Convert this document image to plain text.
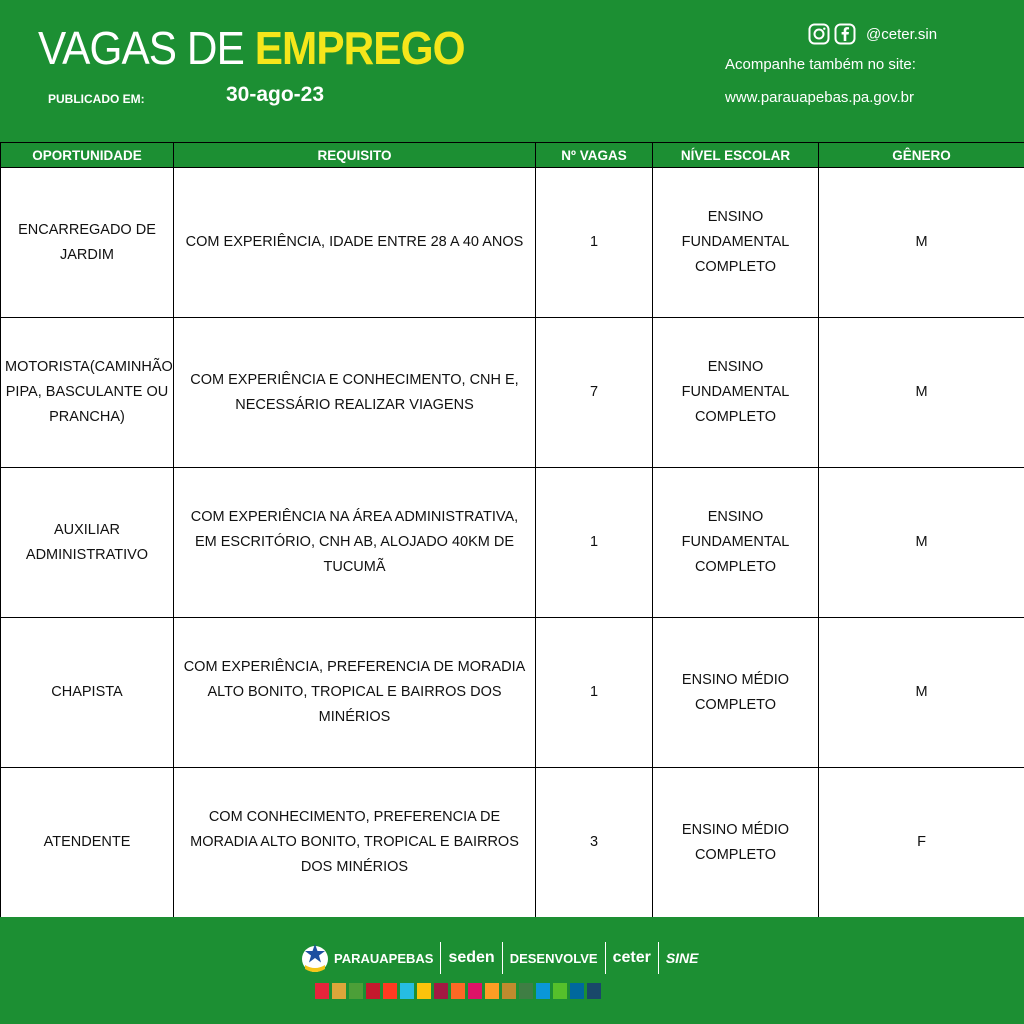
VAGAS DE EMPREGO
PUBLICADO EM:	30-ago-23
@ceter.sin
Acompanhe também no site:
www.parauapebas.pa.gov.br
OPORTUNIDADE	REQUISITO	Nº VAGAS	NÍVEL ESCOLAR	GÊNERO
ENCARREGADO DE JARDIM	COM EXPERIÊNCIA, IDADE ENTRE 28 A 40 ANOS	1	ENSINO FUNDAMENTAL COMPLETO	M
MOTORISTA(CAMINHÃO PIPA, BASCULANTE OU PRANCHA)	COM EXPERIÊNCIA E CONHECIMENTO, CNH E, NECESSÁRIO REALIZAR VIAGENS	7	ENSINO FUNDAMENTAL COMPLETO	M
AUXILIAR ADMINISTRATIVO	COM EXPERIÊNCIA NA ÁREA ADMINISTRATIVA, EM ESCRITÓRIO, CNH AB, ALOJADO 40KM DE TUCUMÃ	1	ENSINO FUNDAMENTAL COMPLETO	M
CHAPISTA	COM EXPERIÊNCIA, PREFERENCIA DE MORADIA ALTO BONITO, TROPICAL E BAIRROS DOS MINÉRIOS	1	ENSINO MÉDIO COMPLETO	M
ATENDENTE	COM CONHECIMENTO, PREFERENCIA DE MORADIA ALTO BONITO, TROPICAL E BAIRROS DOS MINÉRIOS	3	ENSINO MÉDIO COMPLETO	F
PARAUAPEBAS seden DESENVOLVE ceter SINE
